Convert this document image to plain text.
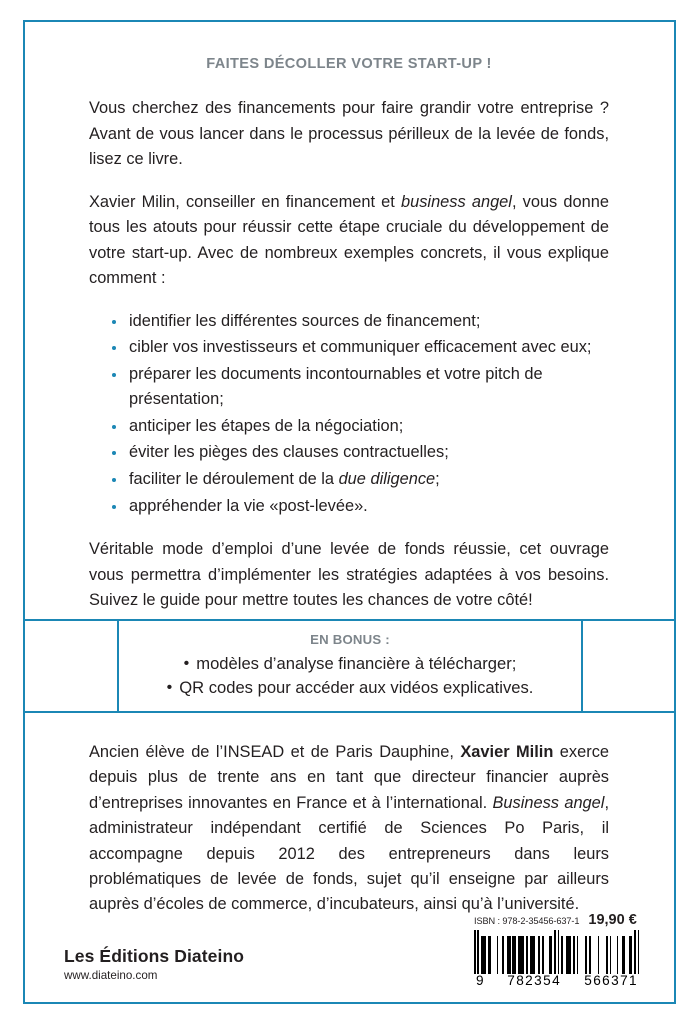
FAITES DÉCOLLER VOTRE START-UP !

Vous cherchez des financements pour faire grandir votre entreprise ? Avant de vous lancer dans le processus périlleux de la levée de fonds, lisez ce livre.

Xavier Milin, conseiller en financement et business angel, vous donne tous les atouts pour réussir cette étape cruciale du développement de votre start-up. Avec de nombreux exemples concrets, il vous explique comment :

identifier les différentes sources de financement;
cibler vos investisseurs et communiquer efficacement avec eux;
préparer les documents incontournables et votre pitch de présentation;
anticiper les étapes de la négociation;
éviter les pièges des clauses contractuelles;
faciliter le déroulement de la due diligence;
appréhender la vie «post-levée».

Véritable mode d’emploi d’une levée de fonds réussie, cet ouvrage vous permettra d’implémenter les stratégies adaptées à vos besoins. Suivez le guide pour mettre toutes les chances de votre côté!

EN BONUS :
• modèles d’analyse financière à télécharger;
• QR codes pour accéder aux vidéos explicatives.

Ancien élève de l’INSEAD et de Paris Dauphine, Xavier Milin exerce depuis plus de trente ans en tant que directeur financier auprès d’entreprises innovantes en France et à l’international. Business angel, administrateur indépendant certifié de Sciences Po Paris, il accompagne depuis 2012 des entrepreneurs dans leurs problématiques de levée de fonds, sujet qu’il enseigne par ailleurs auprès d’écoles de commerce, d’incubateurs, ainsi qu’à l’université.

Les Éditions Diateino
www.diateino.com
ISBN : 978-2-35456-637-1 19,90 €
9 782354 566371
